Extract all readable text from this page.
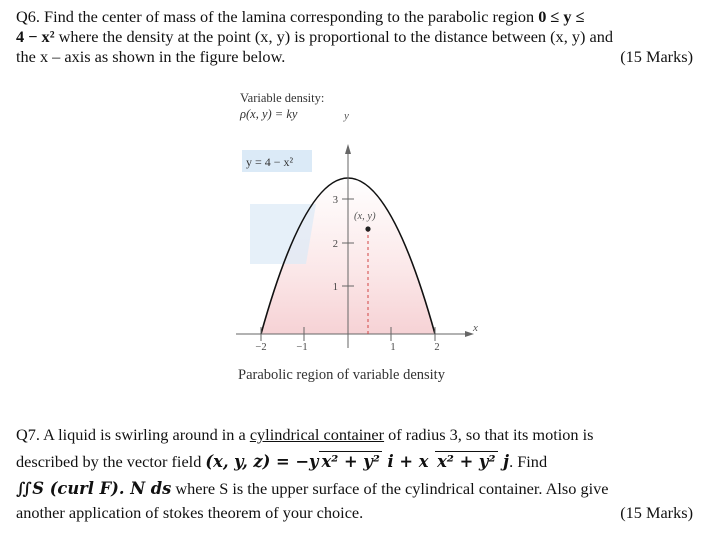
Q6. Find the center of mass of the lamina corresponding to the parabolic region 0 ≤ y ≤
4 − x² where the density at the point (x, y) is proportional to the distance between (x, y) and
the x – axis as shown in the figure below.	(15 Marks)
Variable density:
ρ(x, y) = ky	y
x
y = 4 − x²
(x, y)
−2	−1	1	2
1
2
3
Parabolic region of variable density
Q7. A liquid is swirling around in a cylindrical container of radius 3, so that its motion is
described by the vector field (x, y, z) = −y x² + y² i + x x² + y² j. Find
∬S (curl F). N ds where S is the upper surface of the cylindrical container. Also give
another application of stokes theorem of your choice.	(15 Marks)
